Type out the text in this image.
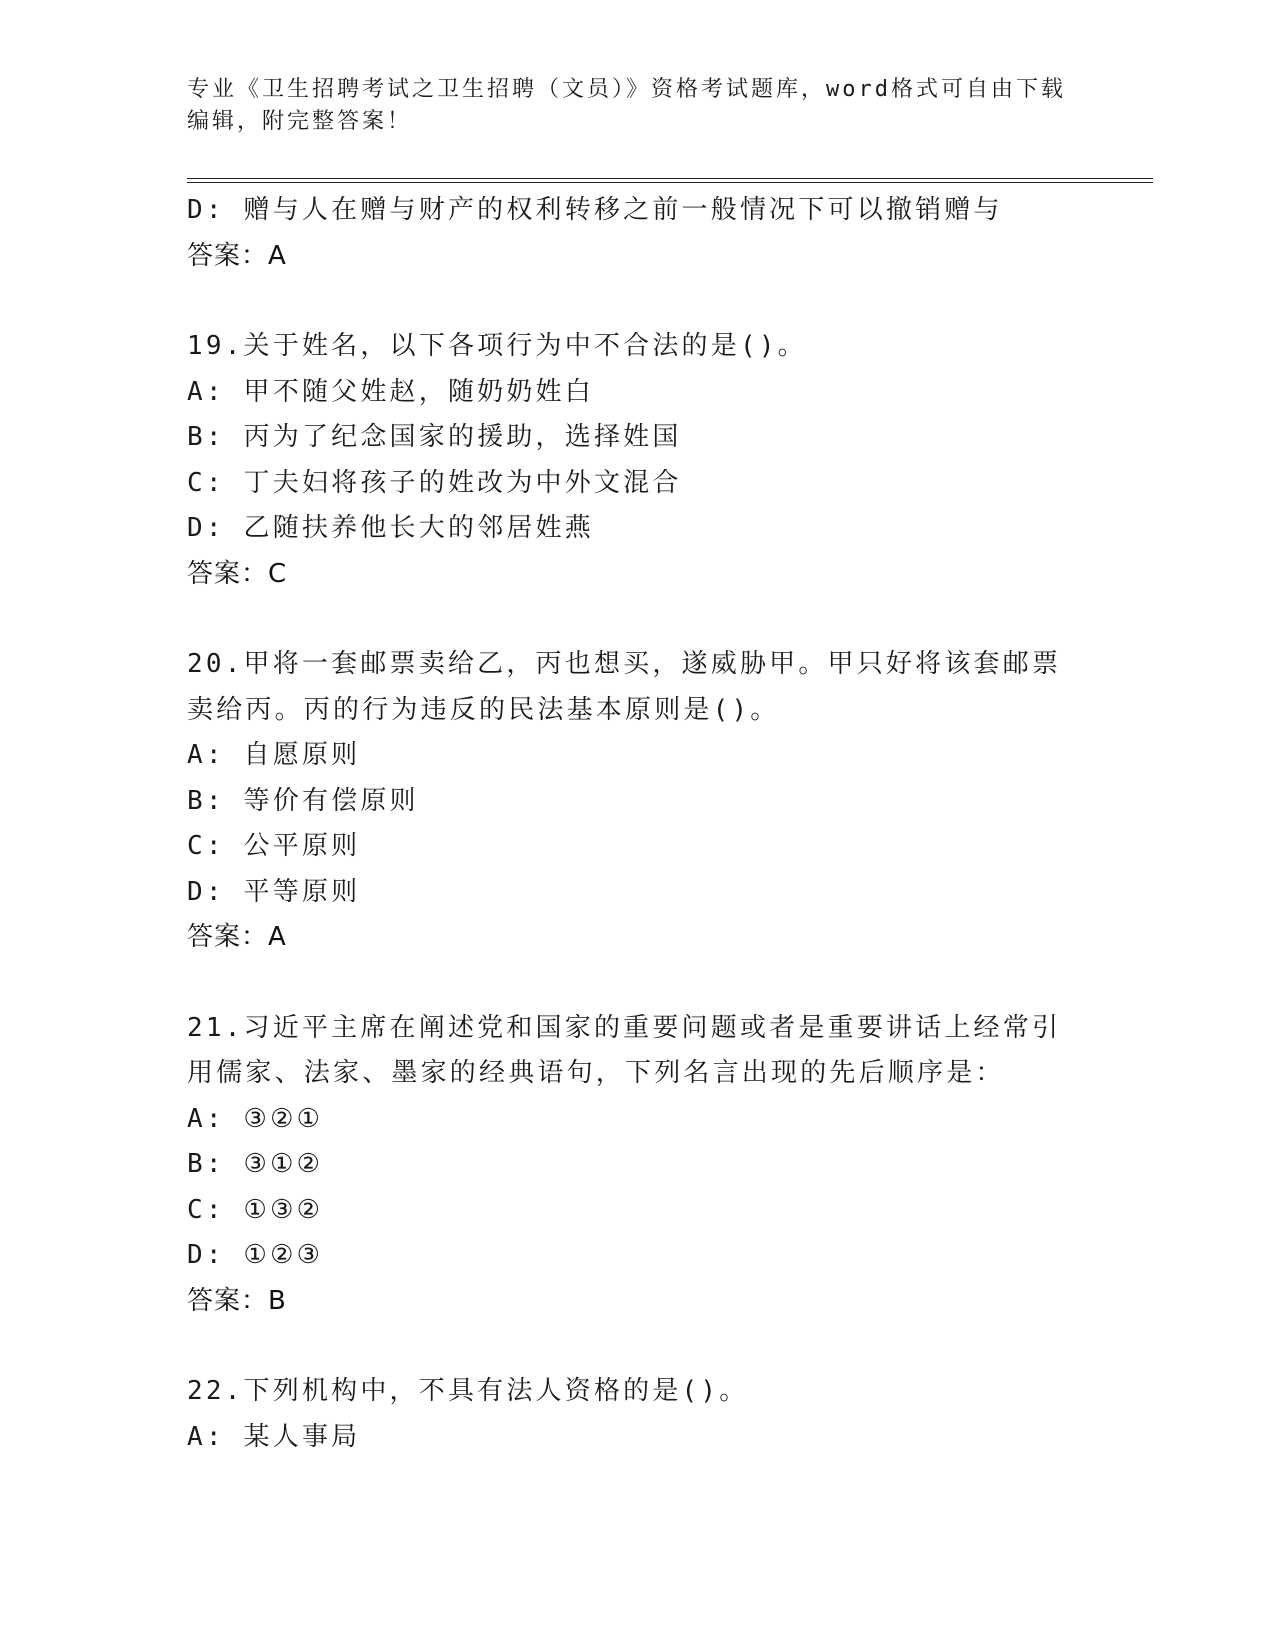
专业《卫生招聘考试之卫生招聘（文员）》资格考试题库，word格式可自由下载编辑，附完整答案！
D: 赠与人在赠与财产的权利转移之前一般情况下可以撤销赠与
答案：A
19.关于姓名，以下各项行为中不合法的是()。
A: 甲不随父姓赵，随奶奶姓白
B: 丙为了纪念国家的援助，选择姓国
C: 丁夫妇将孩子的姓改为中外文混合
D: 乙随扶养他长大的邻居姓燕
答案：C
20.甲将一套邮票卖给乙，丙也想买，遂威胁甲。甲只好将该套邮票卖给丙。丙的行为违反的民法基本原则是()。
A: 自愿原则
B: 等价有偿原则
C: 公平原则
D: 平等原则
答案：A
21.习近平主席在阐述党和国家的重要问题或者是重要讲话上经常引用儒家、法家、墨家的经典语句，下列名言出现的先后顺序是：
A: ③②①
B: ③①②
C: ①③②
D: ①②③
答案：B
22.下列机构中，不具有法人资格的是()。
A: 某人事局
